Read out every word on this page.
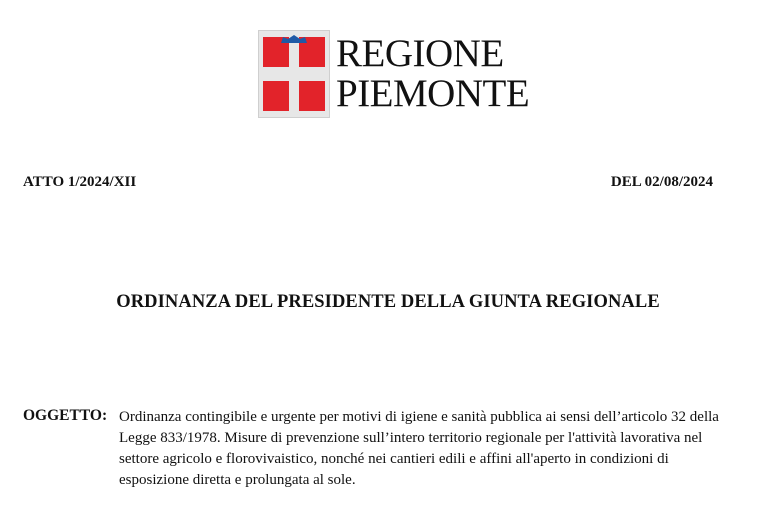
REGIONE
PIEMONTE
ATTO 1/2024/XII	DEL 02/08/2024
ORDINANZA DEL PRESIDENTE DELLA GIUNTA REGIONALE
OGGETTO: Ordinanza contingibile e urgente per motivi di igiene e sanità pubblica ai sensi dell’articolo 32 della Legge 833/1978. Misure di prevenzione sull’intero territorio regionale per l'attività lavorativa nel settore agricolo e florovivaistico, nonché nei cantieri edili e affini all'aperto in condizioni di esposizione diretta e prolungata al sole.
